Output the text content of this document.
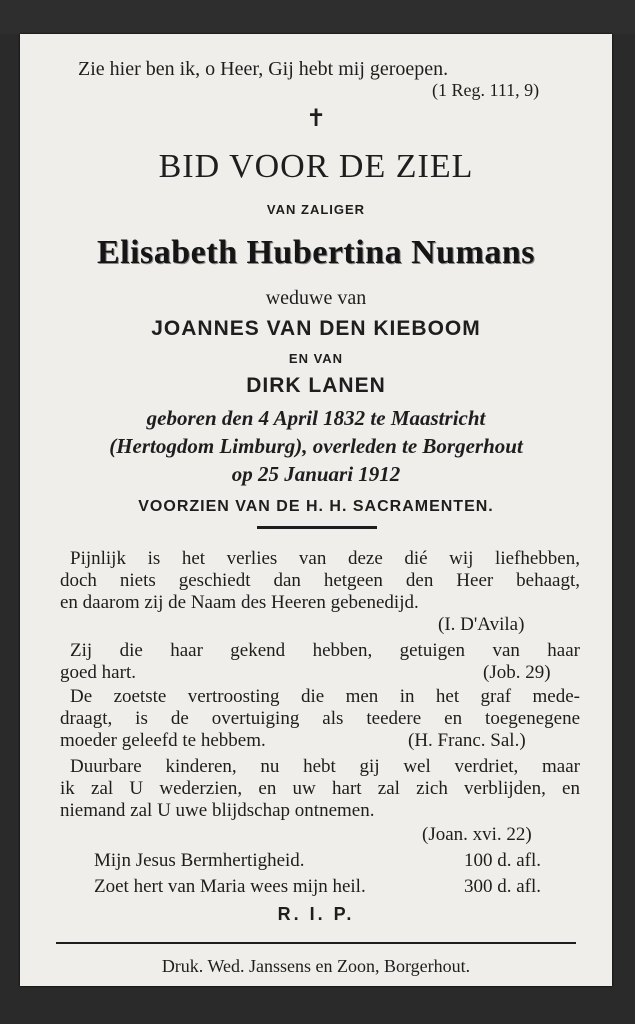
Zie hier ben ik, o Heer, Gij hebt mij geroepen.
(1 Reg. 111, 9)
✝
BID VOOR DE ZIEL
VAN ZALIGER
Elisabeth Hubertina Numans
weduwe van
JOANNES VAN DEN KIEBOOM
EN VAN
DIRK LANEN
geboren den 4 April 1832 te Maastricht
(Hertogdom Limburg), overleden te Borgerhout
op 25 Januari 1912
VOORZIEN VAN DE H. H. SACRAMENTEN.
Pijnlijk is het verlies van deze dié wij liefhebben,
doch niets geschiedt dan hetgeen den Heer behaagt,
en daarom zij de Naam des Heeren gebenedijd.
(I. D'Avila)
Zij die haar gekend hebben, getuigen van haar
goed hart.	(Job. 29)
De zoetste vertroosting die men in het graf mede-
draagt, is de overtuiging als teedere en toegenegene
moeder geleefd te hebbem.	(H. Franc. Sal.)
Duurbare kinderen, nu hebt gij wel verdriet, maar
ik zal U wederzien, en uw hart zal zich verblijden, en
niemand zal U uwe blijdschap ontnemen.
(Joan. xvi. 22)
Mijn Jesus Bermhertigheid.	100 d. afl.
Zoet hert van Maria wees mijn heil.	300 d. afl.
R. I. P.
Druk. Wed. Janssens en Zoon, Borgerhout.
